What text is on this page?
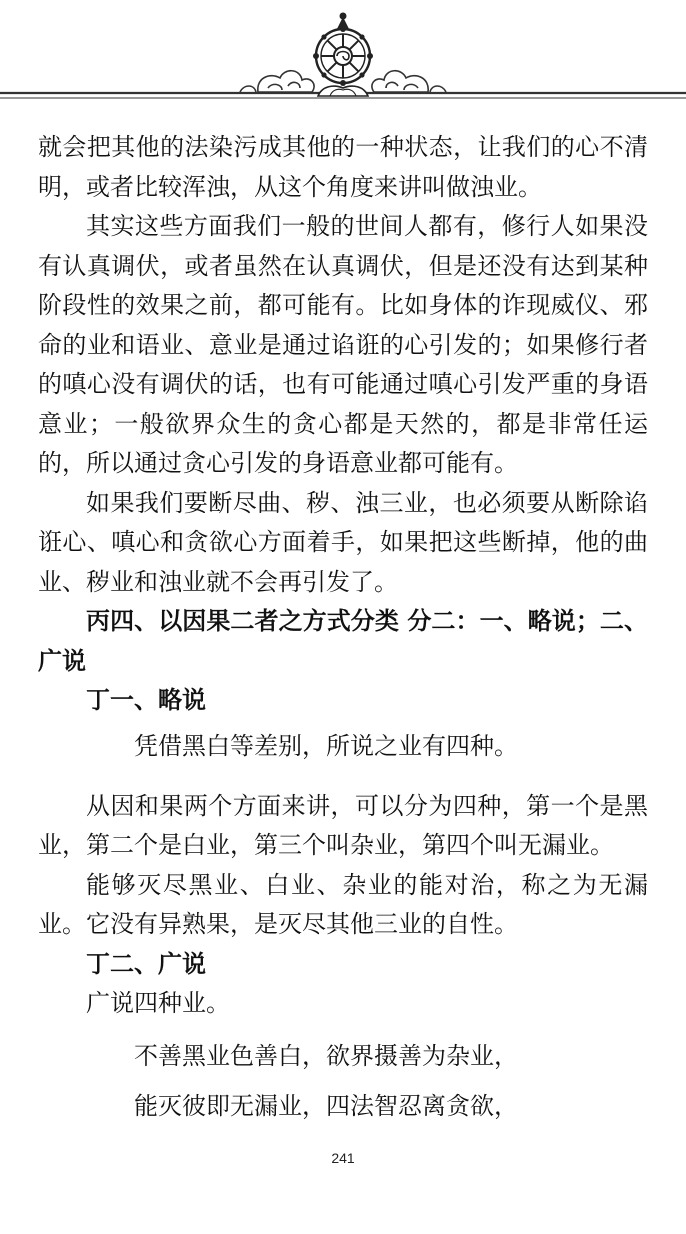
就会把其他的法染污成其他的一种状态，让我们的心不清明，或者比较浑浊，从这个角度来讲叫做浊业。

其实这些方面我们一般的世间人都有，修行人如果没有认真调伏，或者虽然在认真调伏，但是还没有达到某种阶段性的效果之前，都可能有。比如身体的诈现威仪、邪命的业和语业、意业是通过谄诳的心引发的；如果修行者的嗔心没有调伏的话，也有可能通过嗔心引发严重的身语意业；一般欲界众生的贪心都是天然的，都是非常任运的，所以通过贪心引发的身语意业都可能有。

如果我们要断尽曲、秽、浊三业，也必须要从断除谄诳心、嗔心和贪欲心方面着手，如果把这些断掉，他的曲业、秽业和浊业就不会再引发了。

丙四、以因果二者之方式分类 分二：一、略说；二、广说

丁一、略说

凭借黑白等差别，所说之业有四种。

从因和果两个方面来讲，可以分为四种，第一个是黑业，第二个是白业，第三个叫杂业，第四个叫无漏业。

能够灭尽黑业、白业、杂业的能对治，称之为无漏业。它没有异熟果，是灭尽其他三业的自性。

丁二、广说

广说四种业。

不善黑业色善白，欲界摄善为杂业，

能灭彼即无漏业，四法智忍离贪欲，

241
